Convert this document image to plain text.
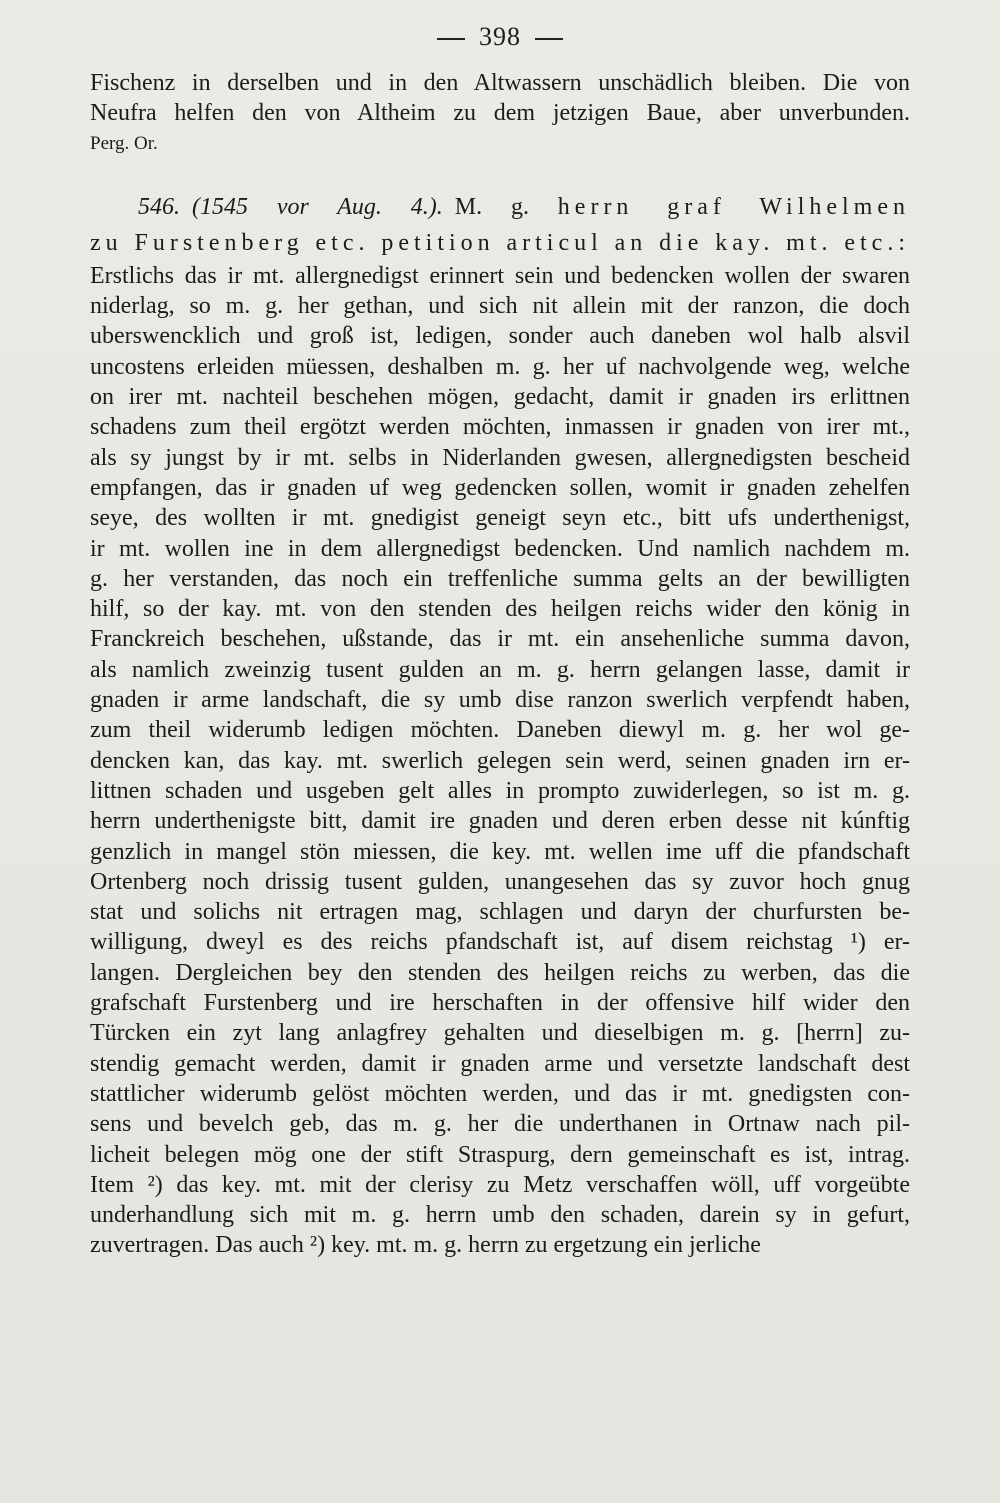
398
Fischenz in derselben und in den Altwassern unschädlich bleiben. Die von
Neufra helfen den von Altheim zu dem jetzigen Baue, aber unverbunden.
Perg. Or.
  546.  (1545 vor Aug. 4.).  M. g. herrn graf Wilhelmen
zu Furstenberg etc. petition articul an die kay. mt. etc.:
Erstlichs das ir mt. allergnedigst erinnert sein und bedencken wollen der swaren
niderlag, so m. g. her gethan, und sich nit allein mit der ranzon, die doch
uberswencklich und groß ist, ledigen, sonder auch daneben wol halb alsvil
uncostens erleiden müessen, deshalben m. g. her uf nachvolgende weg, welche
on irer mt. nachteil beschehen mögen, gedacht, damit ir gnaden irs erlittnen
schadens zum theil ergötzt werden möchten, inmassen ir gnaden von irer mt.,
als sy jungst by ir mt. selbs in Niderlanden gwesen, allergnedigsten bescheid
empfangen, das ir gnaden uf weg gedencken sollen, womit ir gnaden zehelfen
seye, des wollten ir mt. gnedigist geneigt seyn etc., bitt ufs underthenigst,
ir mt. wollen ine in dem allergnedigst bedencken. Und namlich nachdem m.
g. her verstanden, das noch ein treffenliche summa gelts an der bewilligten
hilf, so der kay. mt. von den stenden des heilgen reichs wider den könig in
Franckreich beschehen, ußstande, das ir mt. ein ansehenliche summa davon,
als namlich zweinzig tusent gulden an m. g. herrn gelangen lasse, damit ir
gnaden ir arme landschaft, die sy umb dise ranzon swerlich verpfendt haben,
zum theil widerumb ledigen möchten. Daneben diewyl m. g. her wol ge-
dencken kan, das kay. mt. swerlich gelegen sein werd, seinen gnaden irn er-
littnen schaden und usgeben gelt alles in prompto zuwiderlegen, so ist m. g.
herrn underthenigste bitt, damit ire gnaden und deren erben desse nit kúnftig
genzlich in mangel stön miessen, die key. mt. wellen ime uff die pfandschaft
Ortenberg noch drissig tusent gulden, unangesehen das sy zuvor hoch gnug
stat und solichs nit ertragen mag, schlagen und daryn der churfursten be-
willigung, dweyl es des reichs pfandschaft ist, auf disem reichstag ¹) er-
langen. Dergleichen bey den stenden des heilgen reichs zu werben, das die
grafschaft Furstenberg und ire herschaften in der offensive hilf wider den
Türcken ein zyt lang anlagfrey gehalten und dieselbigen m. g. [herrn] zu-
stendig gemacht werden, damit ir gnaden arme und versetzte landschaft dest
stattlicher widerumb gelöst möchten werden, und das ir mt. gnedigsten con-
sens und bevelch geb, das m. g. her die underthanen in Ortnaw nach pil-
licheit belegen mög one der stift Straspurg, dern gemeinschaft es ist, intrag.
Item ²) das key. mt. mit der clerisy zu Metz verschaffen wöll, uff vorgeübte
underhandlung sich mit m. g. herrn umb den schaden, darein sy in gefurt,
zuvertragen. Das auch ²) key. mt. m. g. herrn zu ergetzung ein jerliche
